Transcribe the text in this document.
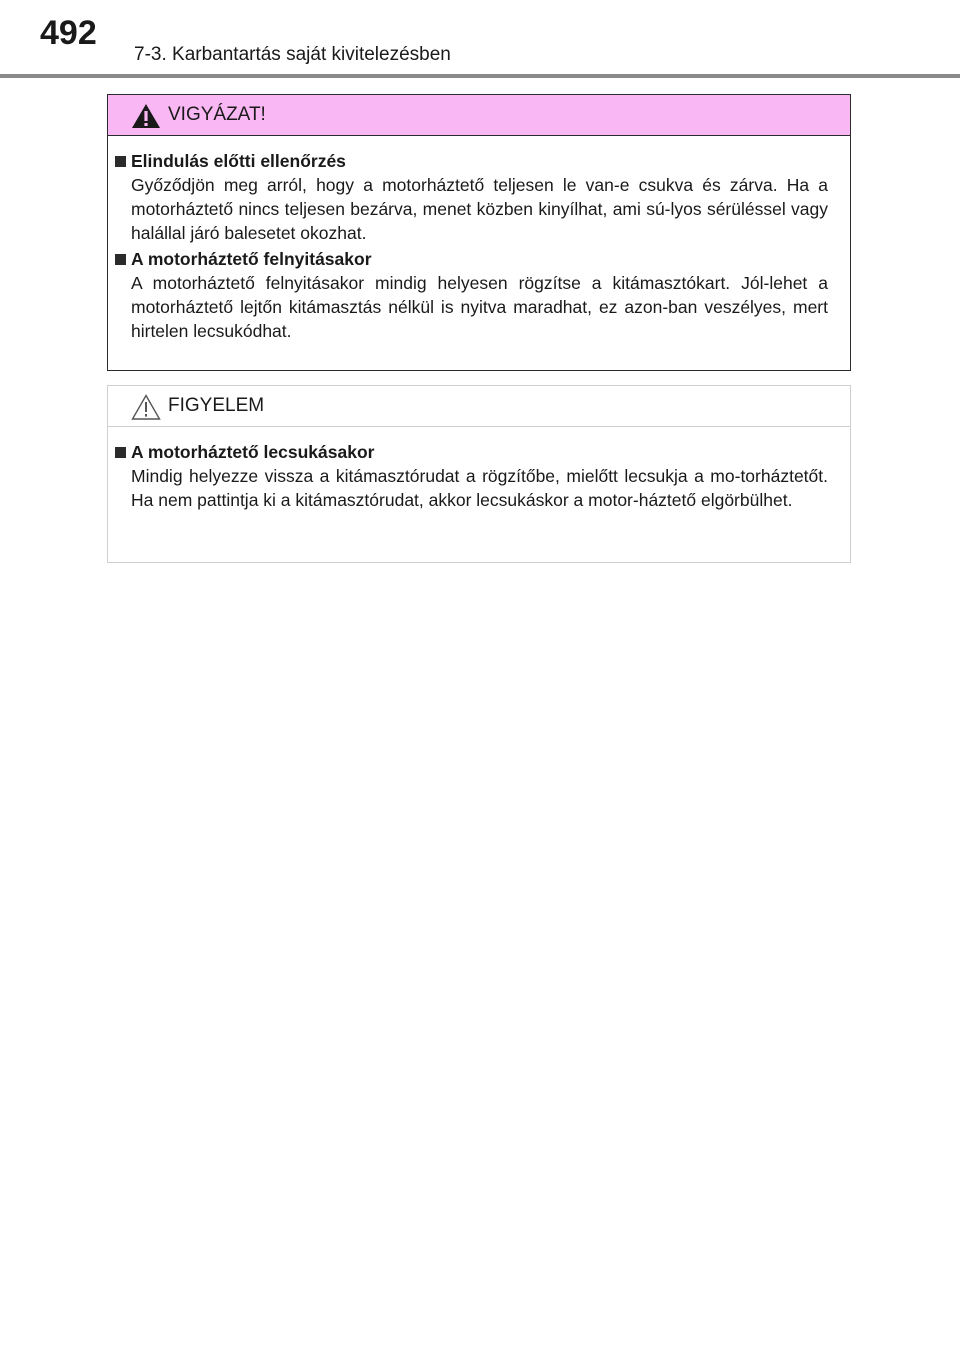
492
7-3. Karbantartás saját kivitelezésben
VIGYÁZAT!
Elindulás előtti ellenőrzés
Győződjön meg arról, hogy a motorháztető teljesen le van-e csukva és zárva. Ha a motorháztető nincs teljesen bezárva, menet közben kinyílhat, ami sú-lyos sérüléssel vagy halállal járó balesetet okozhat.
A motorháztető felnyitásakor
A motorháztető felnyitásakor mindig helyesen rögzítse a kitámasztókart. Jól-lehet a motorháztető lejtőn kitámasztás nélkül is nyitva maradhat, ez azon-ban veszélyes, mert hirtelen lecsukódhat.
FIGYELEM
A motorháztető lecsukásakor
Mindig helyezze vissza a kitámasztórudat a rögzítőbe, mielőtt lecsukja a mo-torháztetőt. Ha nem pattintja ki a kitámasztórudat, akkor lecsukáskor a motor-háztető elgörbülhet.
